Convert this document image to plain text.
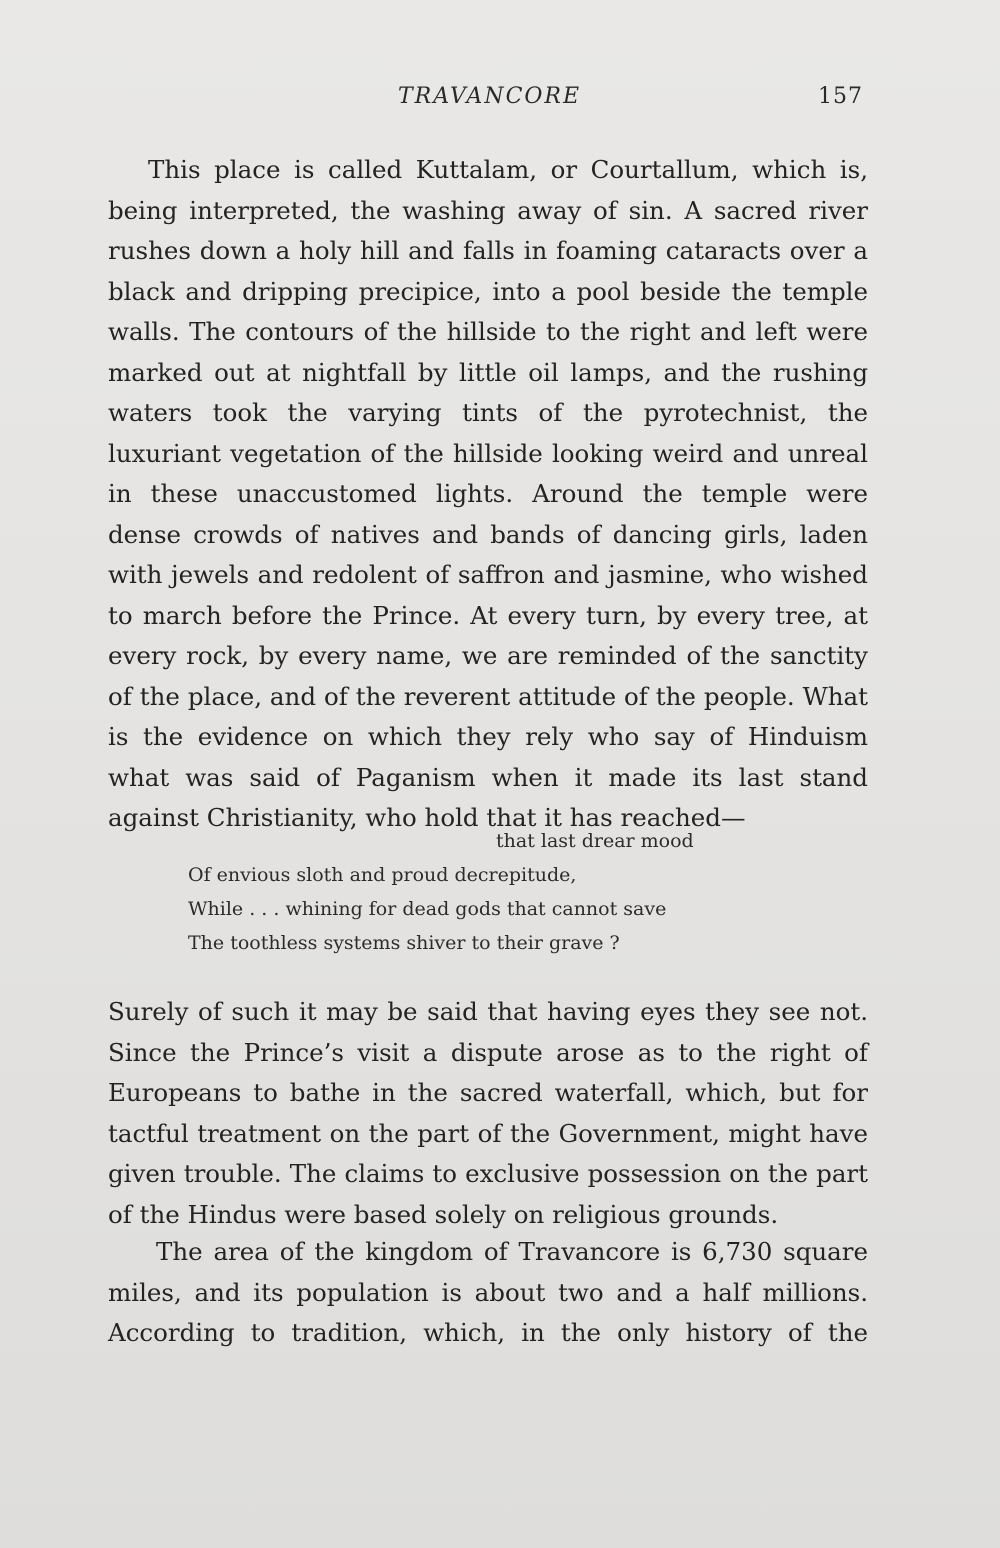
TRAVANCORE	157
This place is called Kuttalam, or Courtallum, which is, being interpreted, the washing away of sin. A sacred river rushes down a holy hill and falls in foaming cataracts over a black and dripping precipice, into a pool beside the temple walls. The contours of the hillside to the right and left were marked out at nightfall by little oil lamps, and the rushing waters took the varying tints of the pyrotechnist, the luxuriant vegetation of the hillside looking weird and unreal in these unaccustomed lights. Around the temple were dense crowds of natives and bands of dancing girls, laden with jewels and redolent of saffron and jasmine, who wished to march before the Prince. At every turn, by every tree, at every rock, by every name, we are reminded of the sanctity of the place, and of the reverent attitude of the people. What is the evidence on which they rely who say of Hinduism what was said of Paganism when it made its last stand against Christianity, who hold that it has reached—
that last drear mood
Of envious sloth and proud decrepitude,
While . . . whining for dead gods that cannot save
The toothless systems shiver to their grave ?
Surely of such it may be said that having eyes they see not. Since the Prince’s visit a dispute arose as to the right of Europeans to bathe in the sacred waterfall, which, but for tactful treatment on the part of the Government, might have given trouble. The claims to exclusive possession on the part of the Hindus were based solely on religious grounds.
The area of the kingdom of Travancore is 6,730 square miles, and its population is about two and a half millions. According to tradition, which, in the only history of the
